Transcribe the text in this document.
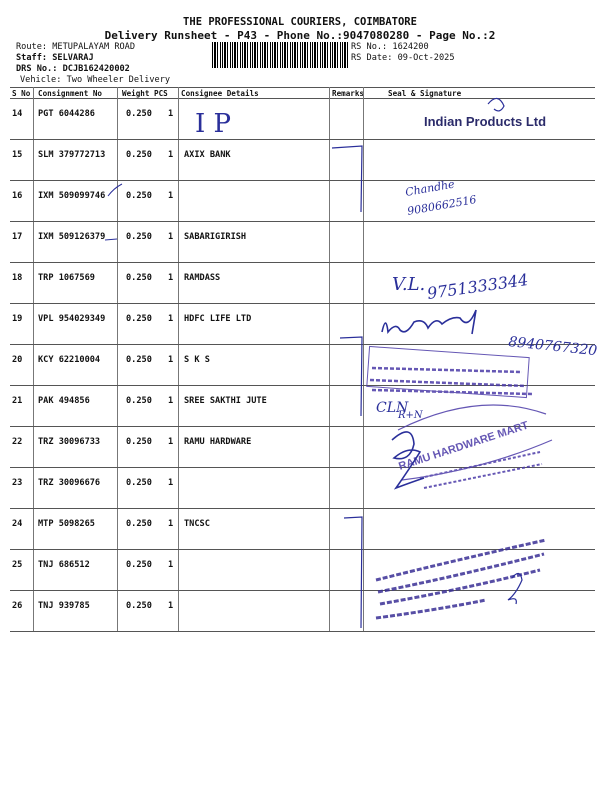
THE PROFESSIONAL COURIERS, COIMBATORE
Delivery Runsheet - P43 - Phone No.:9047080280 - Page No.:2
Route: METUPALAYAM ROAD
Staff: SELVARAJ
DRS No.: DCJB162420002
Vehicle: Two Wheeler Delivery
RS No.: 1624200
RS Date: 09-Oct-2025
S No Consignment No	Weight PCS Consignee Details	Remarks	Seal & Signature
14 PGT 6044286	0.250 1
15 SLM 379772713 0.250 1 AXIX BANK
16 IXM 509099746 0.250 1
17 IXM 509126379 0.250 1 SABARIGIRISH
18 TRP 1067569	0.250 1 RAMDASS
19 VPL 954029349 0.250 1 HDFC LIFE LTD
20 KCY 62210004	0.250 1 S K S
21 PAK 494856	0.250 1 SREE SAKTHI JUTE
22 TRZ 30096733	0.250 1 RAMU HARDWARE
23 TRZ 30096676	0.250 1
24 MTP 5098265	0.250 1 TNCSC
25 TNJ 686512	0.250 1
26 TNJ 939785	0.250 1
I P	Indian Products Ltd
Chandhe
9080662516
V.L. 9751333344
8940767320
CLN
R+N
RAMU HARDWARE MART
